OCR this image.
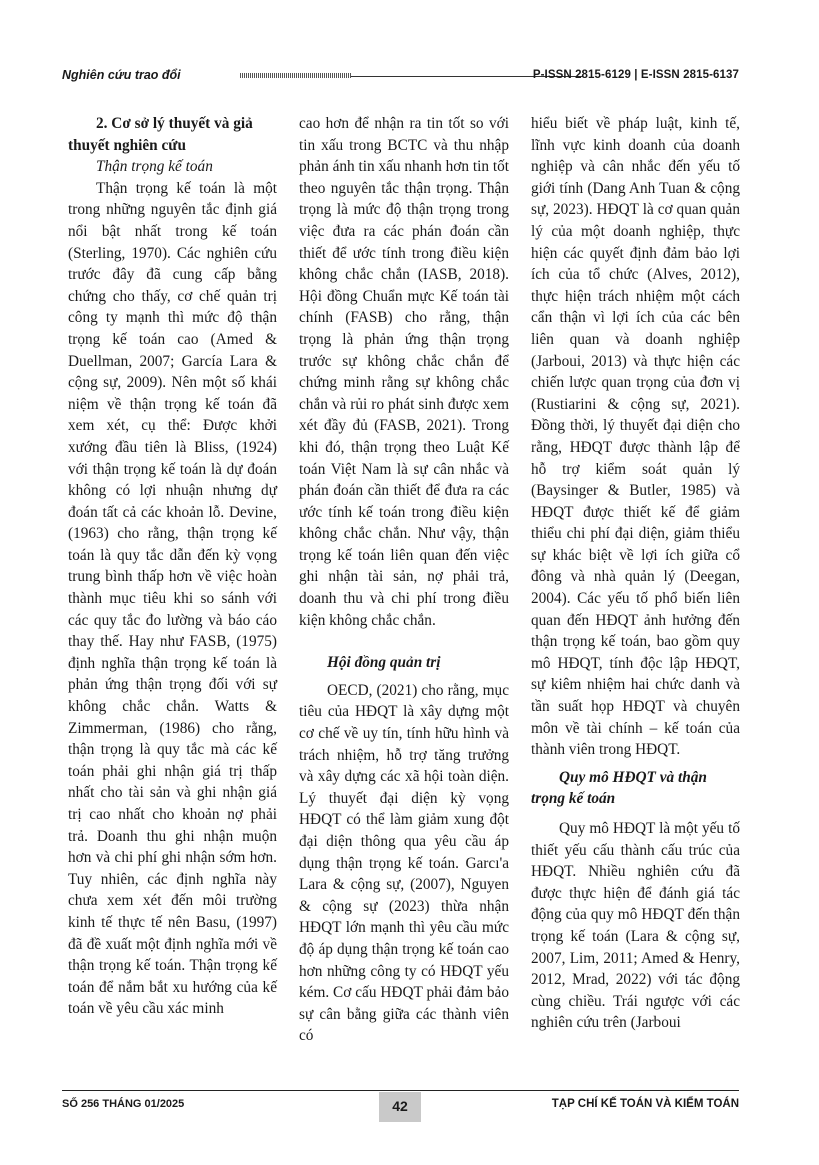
Nghiên cứu trao đổi	P-ISSN 2815-6129 | E-ISSN 2815-6137
2. Cơ sở lý thuyết và giả thuyết nghiên cứu
Thận trọng kế toán

Thận trọng kế toán là một trong những nguyên tắc định giá nổi bật nhất trong kế toán (Sterling, 1970). Các nghiên cứu trước đây đã cung cấp bằng chứng cho thấy, cơ chế quản trị công ty mạnh thì mức độ thận trọng kế toán cao (Amed & Duellman, 2007; García Lara & cộng sự, 2009). Nên một số khái niệm về thận trọng kế toán đã xem xét, cụ thể: Được khởi xướng đầu tiên là Bliss, (1924) với thận trọng kế toán là dự đoán không có lợi nhuận nhưng dự đoán tất cả các khoản lỗ. Devine, (1963) cho rằng, thận trọng kế toán là quy tắc dẫn đến kỳ vọng trung bình thấp hơn về việc hoàn thành mục tiêu khi so sánh với các quy tắc đo lường và báo cáo thay thế. Hay như FASB, (1975) định nghĩa thận trọng kế toán là phản ứng thận trọng đối với sự không chắc chắn. Watts & Zimmerman, (1986) cho rằng, thận trọng là quy tắc mà các kế toán phải ghi nhận giá trị thấp nhất cho tài sản và ghi nhận giá trị cao nhất cho khoản nợ phải trả. Doanh thu ghi nhận muộn hơn và chi phí ghi nhận sớm hơn. Tuy nhiên, các định nghĩa này chưa xem xét đến môi trường kinh tế thực tế nên Basu, (1997) đã đề xuất một định nghĩa mới về thận trọng kế toán. Thận trọng kế toán để nắm bắt xu hướng của kế toán về yêu cầu xác minh

cao hơn để nhận ra tin tốt so với tin xấu trong BCTC và thu nhập phản ánh tin xấu nhanh hơn tin tốt theo nguyên tắc thận trọng. Thận trọng là mức độ thận trọng trong việc đưa ra các phán đoán cần thiết để ước tính trong điều kiện không chắc chắn (IASB, 2018). Hội đồng Chuẩn mực Kế toán tài chính (FASB) cho rằng, thận trọng là phản ứng thận trọng trước sự không chắc chắn để chứng minh rằng sự không chắc chắn và rủi ro phát sinh được xem xét đầy đủ (FASB, 2021). Trong khi đó, thận trọng theo Luật Kế toán Việt Nam là sự cân nhắc và phán đoán cần thiết để đưa ra các ước tính kế toán trong điều kiện không chắc chắn. Như vậy, thận trọng kế toán liên quan đến việc ghi nhận tài sản, nợ phải trả, doanh thu và chi phí trong điều kiện không chắc chắn.

Hội đồng quản trị

OECD, (2021) cho rằng, mục tiêu của HĐQT là xây dựng một cơ chế về uy tín, tính hữu hình và trách nhiệm, hỗ trợ tăng trưởng và xây dựng các xã hội toàn diện. Lý thuyết đại diện kỳ vọng HĐQT có thể làm giảm xung đột đại diện thông qua yêu cầu áp dụng thận trọng kế toán. Garcı'a Lara & cộng sự, (2007), Nguyen & cộng sự (2023) thừa nhận HĐQT lớn mạnh thì yêu cầu mức độ áp dụng thận trọng kế toán cao hơn những công ty có HĐQT yếu kém. Cơ cấu HĐQT phải đảm bảo sự cân bằng giữa các thành viên có

hiểu biết về pháp luật, kinh tế, lĩnh vực kinh doanh của doanh nghiệp và cân nhắc đến yếu tố giới tính (Dang Anh Tuan & cộng sự, 2023). HĐQT là cơ quan quản lý của một doanh nghiệp, thực hiện các quyết định đảm bảo lợi ích của tổ chức (Alves, 2012), thực hiện trách nhiệm một cách cẩn thận vì lợi ích của các bên liên quan và doanh nghiệp (Jarboui, 2013) và thực hiện các chiến lược quan trọng của đơn vị (Rustiarini & cộng sự, 2021). Đồng thời, lý thuyết đại diện cho rằng, HĐQT được thành lập để hỗ trợ kiểm soát quản lý (Baysinger & Butler, 1985) và HĐQT được thiết kế để giảm thiểu chi phí đại diện, giảm thiểu sự khác biệt về lợi ích giữa cổ đông và nhà quản lý (Deegan, 2004). Các yếu tố phổ biến liên quan đến HĐQT ảnh hưởng đến thận trọng kế toán, bao gồm quy mô HĐQT, tính độc lập HĐQT, sự kiêm nhiệm hai chức danh và tần suất họp HĐQT và chuyên môn về tài chính – kế toán của thành viên trong HĐQT.

Quy mô HĐQT và thận trọng kế toán

Quy mô HĐQT là một yếu tố thiết yếu cấu thành cấu trúc của HĐQT. Nhiều nghiên cứu đã được thực hiện để đánh giá tác động của quy mô HĐQT đến thận trọng kế toán (Lara & cộng sự, 2007, Lim, 2011; Amed & Henry, 2012, Mrad, 2022) với tác động cùng chiều. Trái ngược với các nghiên cứu trên (Jarboui

SỐ 256 THÁNG 01/2025	42	TẠP CHÍ KẾ TOÁN VÀ KIỂM TOÁN
